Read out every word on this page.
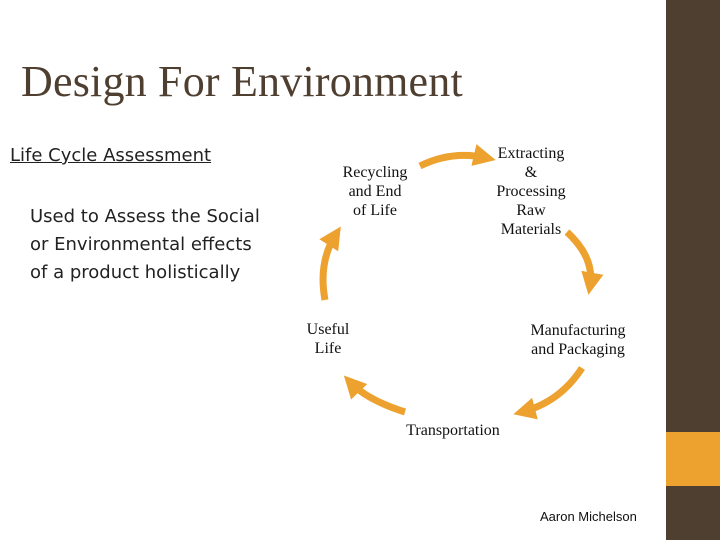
Design For Environment
Life Cycle Assessment
Used to Assess the Social
or Environmental effects
of a product holistically
Extracting
&
Processing
Raw
Materials
Manufacturing
and Packaging
Transportation
Useful
Life
Recycling
and End
of Life
Aaron Michelson
